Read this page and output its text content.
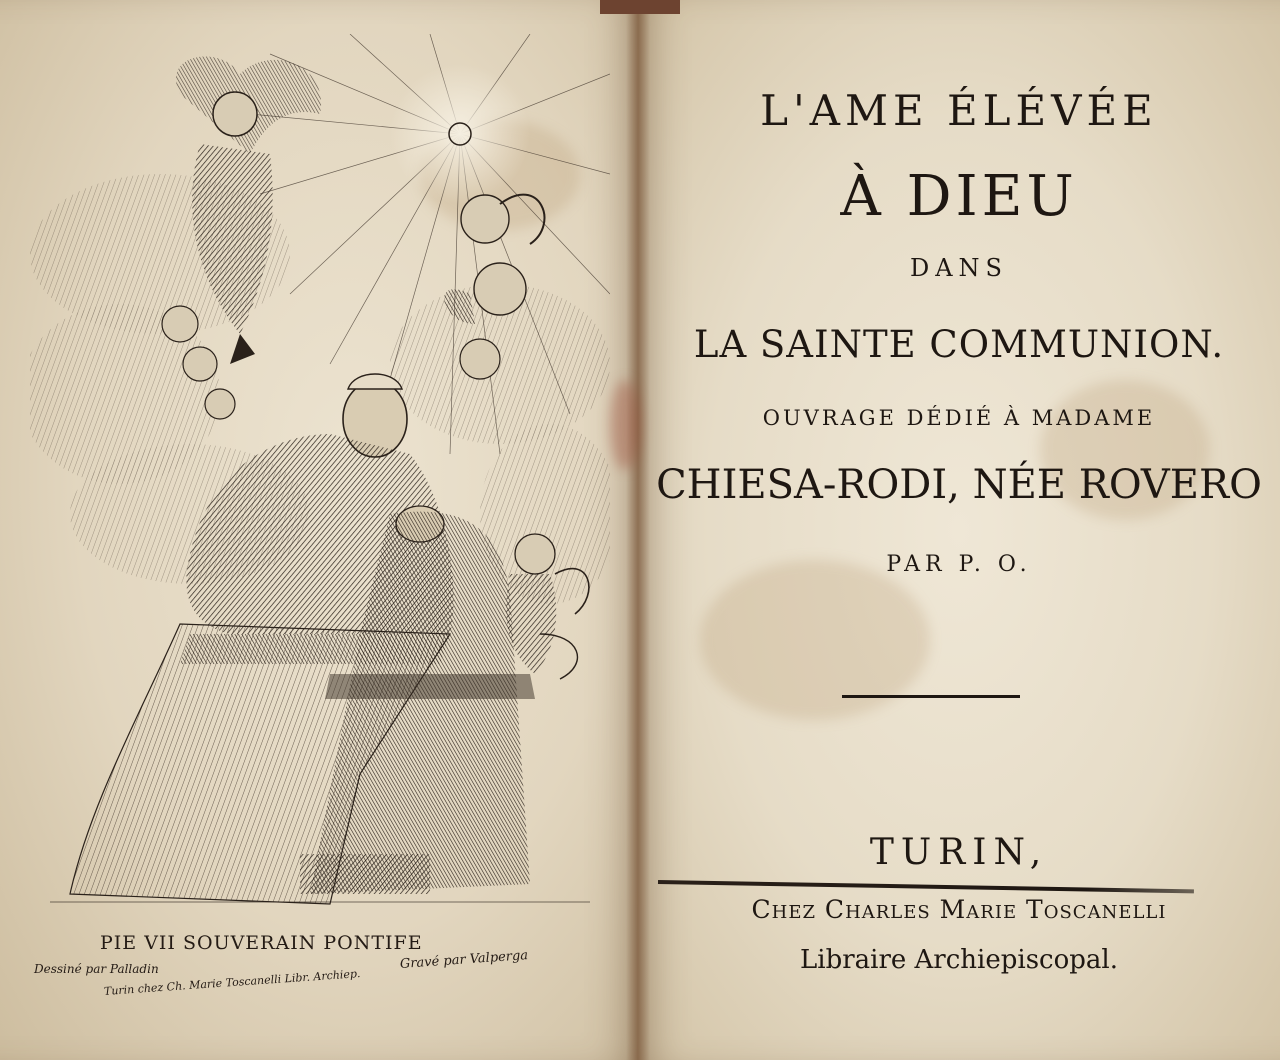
PIE VII SOUVERAIN PONTIFE
Dessiné par Palladin	Gravé par Valperga
Turin chez Ch. Marie Toscanelli Libr. Archiep.
L'AME ÉLÉVÉE
À DIEU
DANS
LA SAINTE COMMUNION.
OUVRAGE DÉDIÉ À MADAME
CHIESA-RODI, NÉE ROVERO
PAR P. O.
TURIN,
Chez Charles Marie Toscanelli
Libraire Archiepiscopal.
